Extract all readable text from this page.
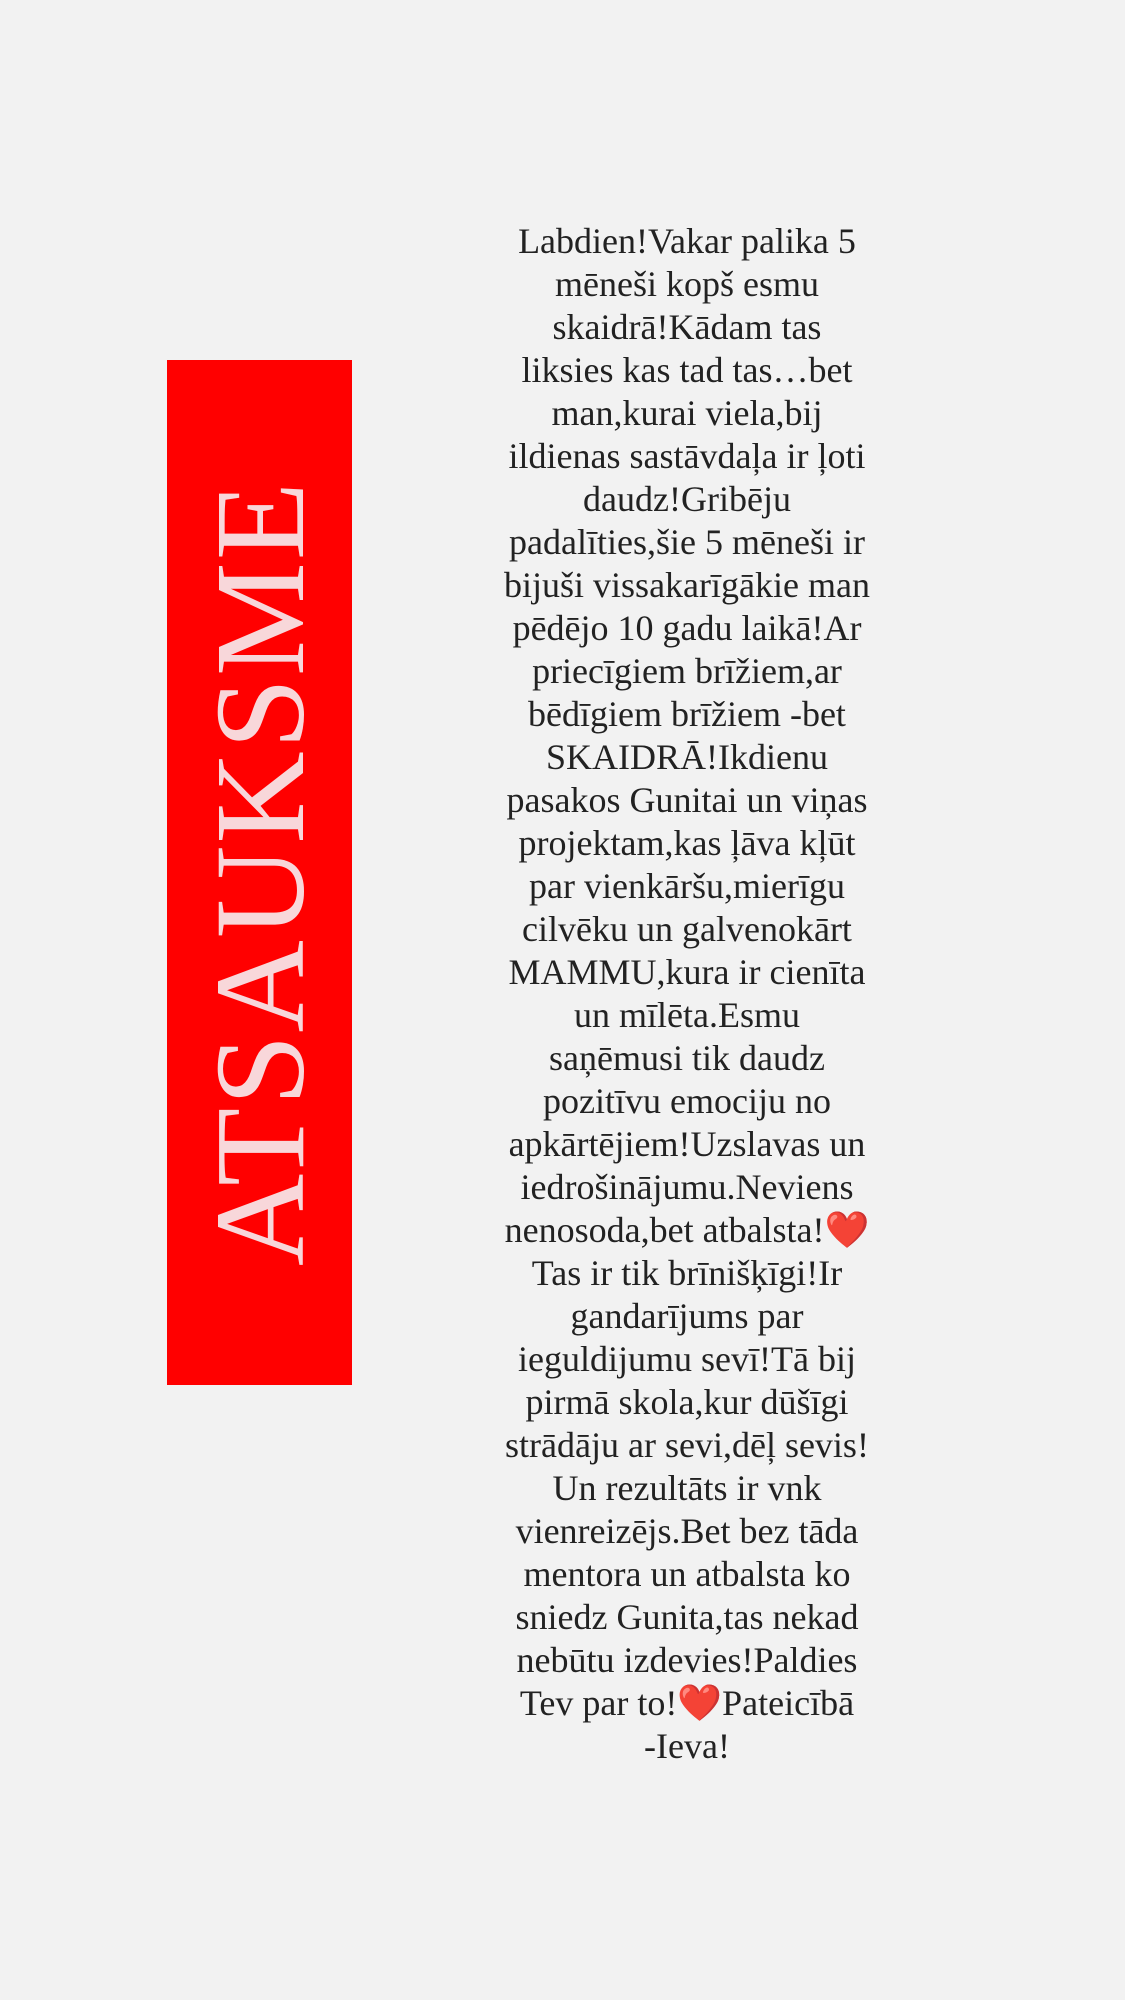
ATSAUKSME
Labdien!Vakar palika 5
mēneši kopš esmu
skaidrā!Kādam tas
liksies kas tad tas…bet
man,kurai viela,bij
ildienas sastāvdaļa ir ļoti
daudz!Gribēju
padalīties,šie 5 mēneši ir
bijuši vissakarīgākie man
pēdējo 10 gadu laikā!Ar
priecīgiem brīžiem,ar
bēdīgiem brīžiem -bet
SKAIDRĀ!Ikdienu
pasakos Gunitai un viņas
projektam,kas ļāva kļūt
par vienkāršu,mierīgu
cilvēku un galvenokārt
MAMMU,kura ir cienīta
un mīlēta.Esmu
saņēmusi tik daudz
pozitīvu emociju no
apkārtējiem!Uzslavas un
iedrošinājumu.Neviens
nenosoda,bet atbalsta!❤️
Tas ir tik brīnišķīgi!Ir
gandarījums par
ieguldijumu sevī!Tā bij
pirmā skola,kur dūšīgi
strādāju ar sevi,dēļ sevis!
Un rezultāts ir vnk
vienreizējs.Bet bez tāda
mentora un atbalsta ko
sniedz Gunita,tas nekad
nebūtu izdevies!Paldies
Tev par to!❤️Pateicībā
-Ieva!
